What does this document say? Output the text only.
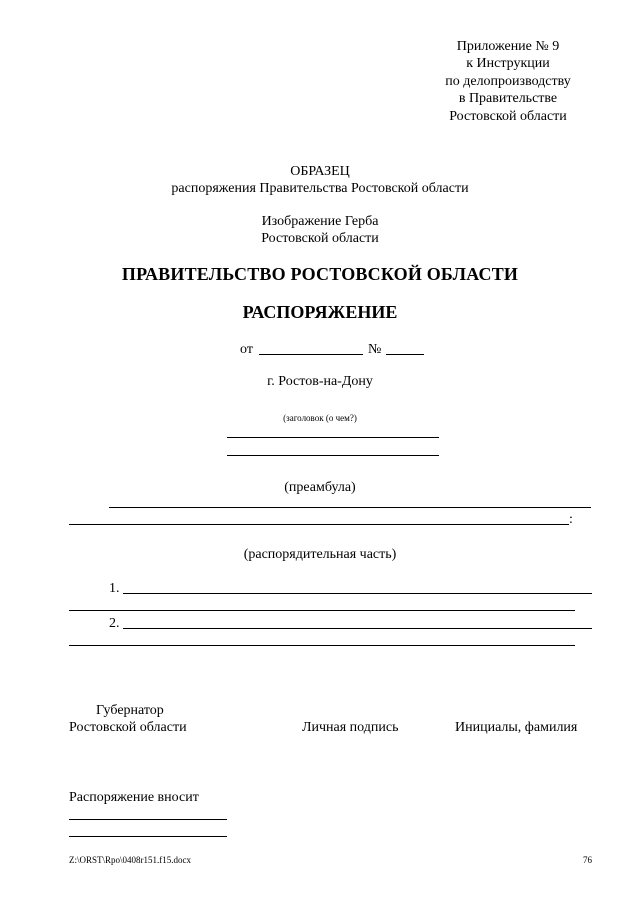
Приложение № 9
к Инструкции
по делопроизводству
в Правительстве
Ростовской области
ОБРАЗЕЦ
распоряжения Правительства Ростовской области
Изображение Герба
Ростовской области
ПРАВИТЕЛЬСТВО РОСТОВСКОЙ ОБЛАСТИ
РАСПОРЯЖЕНИЕ
от	№
г. Ростов-на-Дону
(заголовок (о чем?)
(преамбула)
:
(распорядительная часть)
1.
2.
Губернатор
Ростовской области	Личная подпись	Инициалы, фамилия
Распоряжение вносит
Z:\ORST\Rpo\0408r151.f15.docx	76
